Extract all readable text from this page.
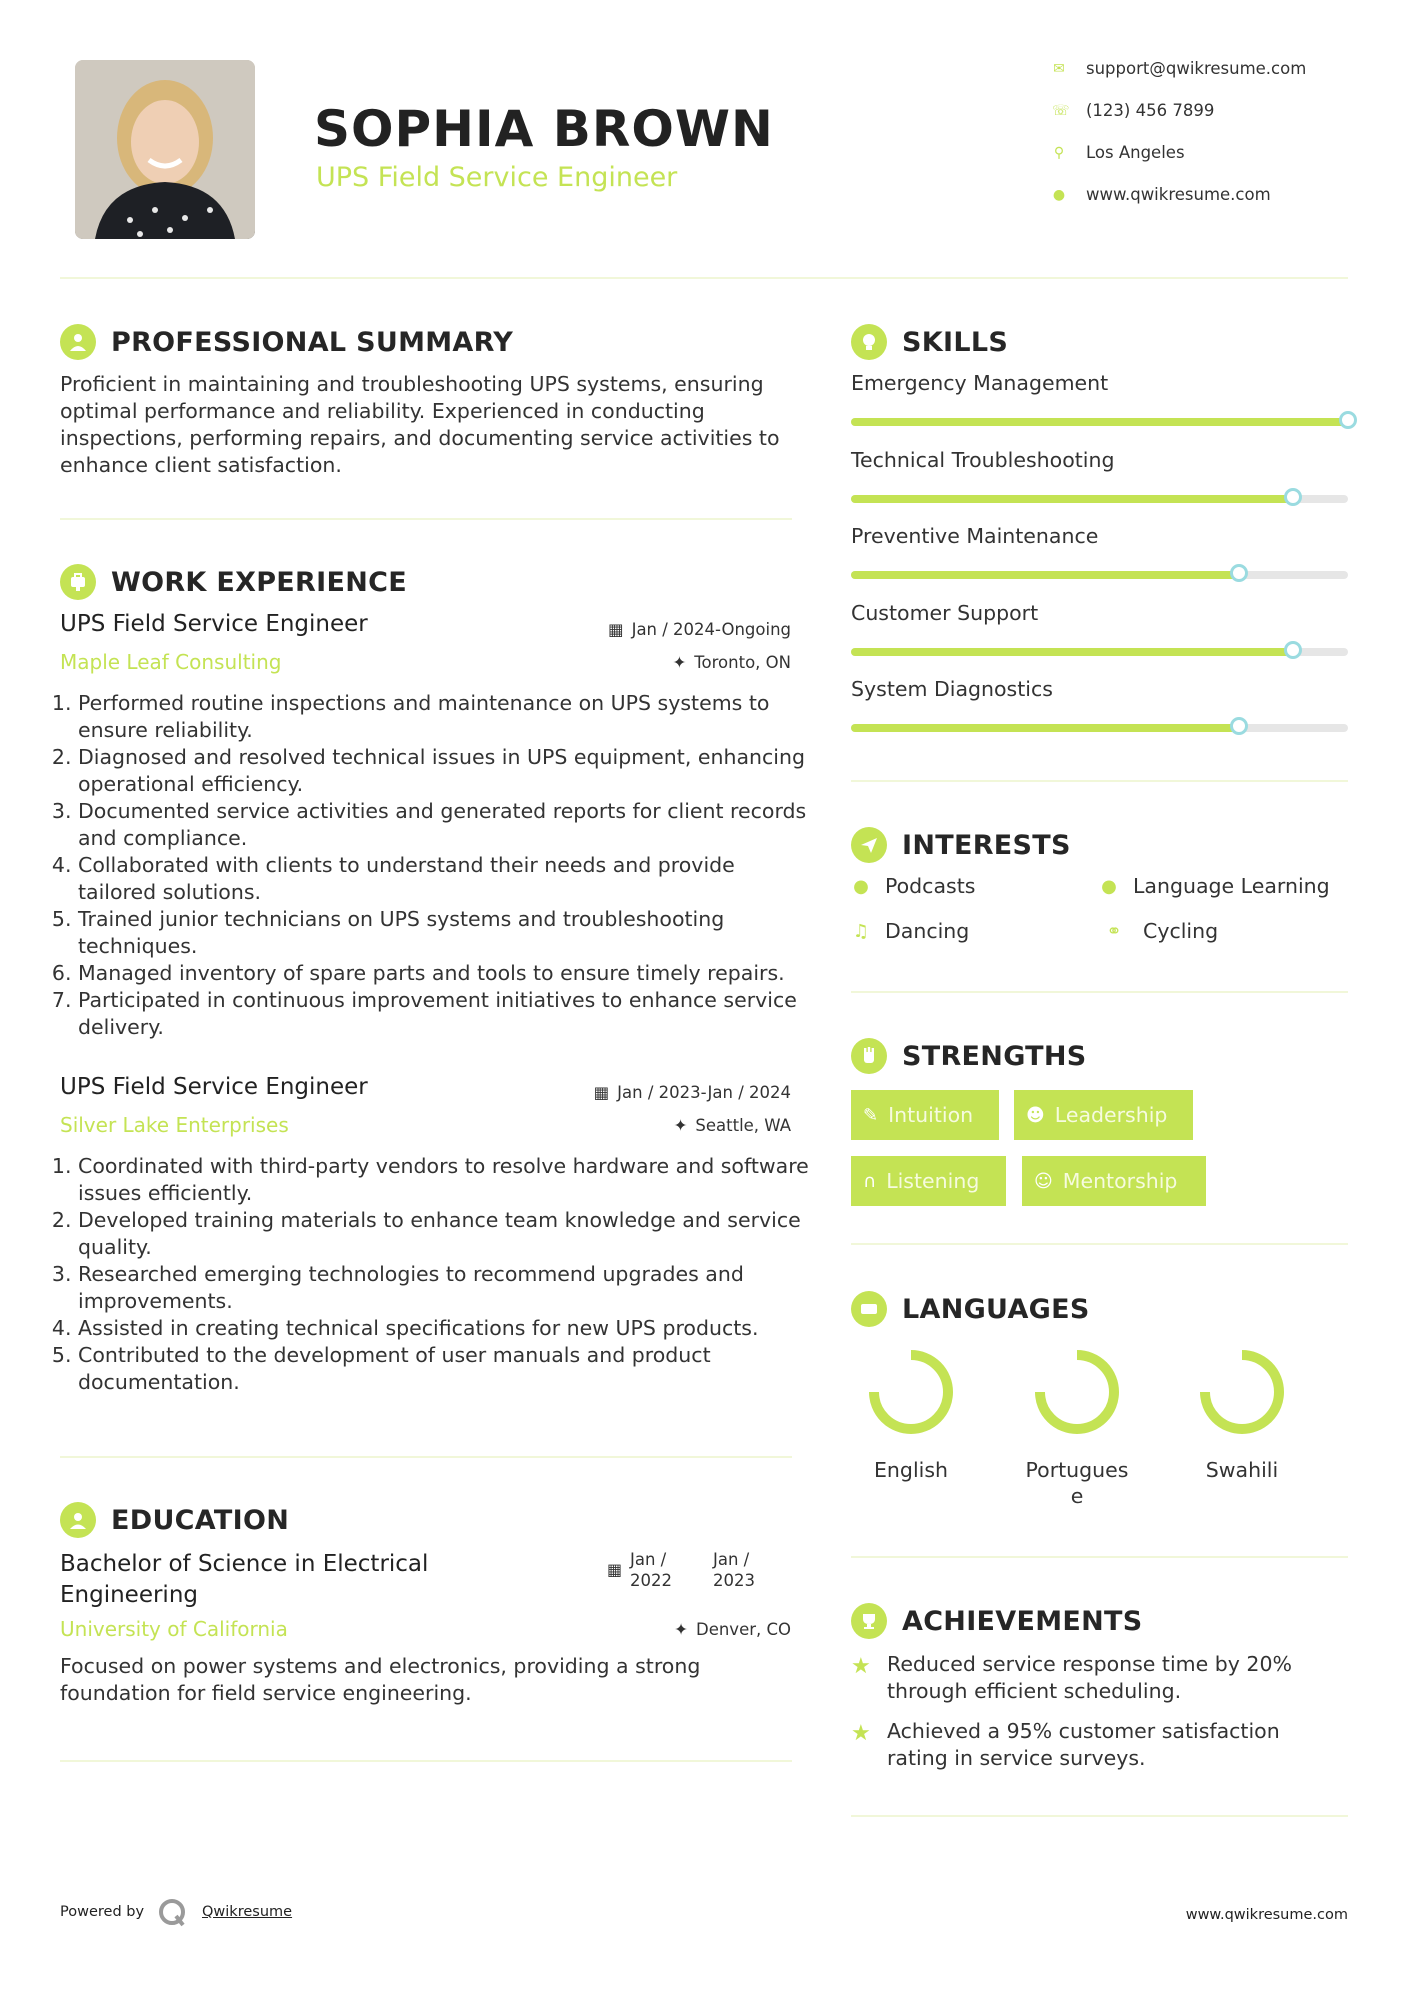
SOPHIA BROWN
UPS Field Service Engineer
✉ support@qwikresume.com
☏ (123) 456 7899
⚲ Los Angeles
● www.qwikresume.com
PROFESSIONAL SUMMARY
Proficient in maintaining and troubleshooting UPS systems, ensuring optimal performance and reliability. Experienced in conducting inspections, performing repairs, and documenting service activities to enhance client satisfaction.
WORK EXPERIENCE
UPS Field Service Engineer
Maple Leaf Consulting
▦ Jan / 2024-Ongoing
✦ Toronto, ON
1. Performed routine inspections and maintenance on UPS systems to ensure reliability.
2. Diagnosed and resolved technical issues in UPS equipment, enhancing operational efficiency.
3. Documented service activities and generated reports for client records and compliance.
4. Collaborated with clients to understand their needs and provide tailored solutions.
5. Trained junior technicians on UPS systems and troubleshooting techniques.
6. Managed inventory of spare parts and tools to ensure timely repairs.
7. Participated in continuous improvement initiatives to enhance service delivery.
UPS Field Service Engineer
Silver Lake Enterprises
▦ Jan / 2023-Jan / 2024
✦ Seattle, WA
1. Coordinated with third-party vendors to resolve hardware and software issues efficiently.
2. Developed training materials to enhance team knowledge and service quality.
3. Researched emerging technologies to recommend upgrades and improvements.
4. Assisted in creating technical specifications for new UPS products.
5. Contributed to the development of user manuals and product documentation.
EDUCATION
Bachelor of Science in Electrical Engineering
▦
Jan / 2022
Jan / 2023
University of California	✦ Denver, CO
Focused on power systems and electronics, providing a strong foundation for field service engineering.
SKILLS
Emergency Management
Technical Troubleshooting
Preventive Maintenance
Customer Support
System Diagnostics
INTERESTS
● Podcasts	● Language Learning
♫ Dancing	⚭	Cycling
STRENGTHS
✎ Intuition	☻ Leadership
∩ Listening	☺ Mentorship
LANGUAGES
English	Portugues
e
Swahili
ACHIEVEMENTS
★ Reduced service response time by 20% through efficient scheduling.
★ Achieved a 95% customer satisfaction rating in service surveys.
Powered by	Qwikresume	www.qwikresume.com
